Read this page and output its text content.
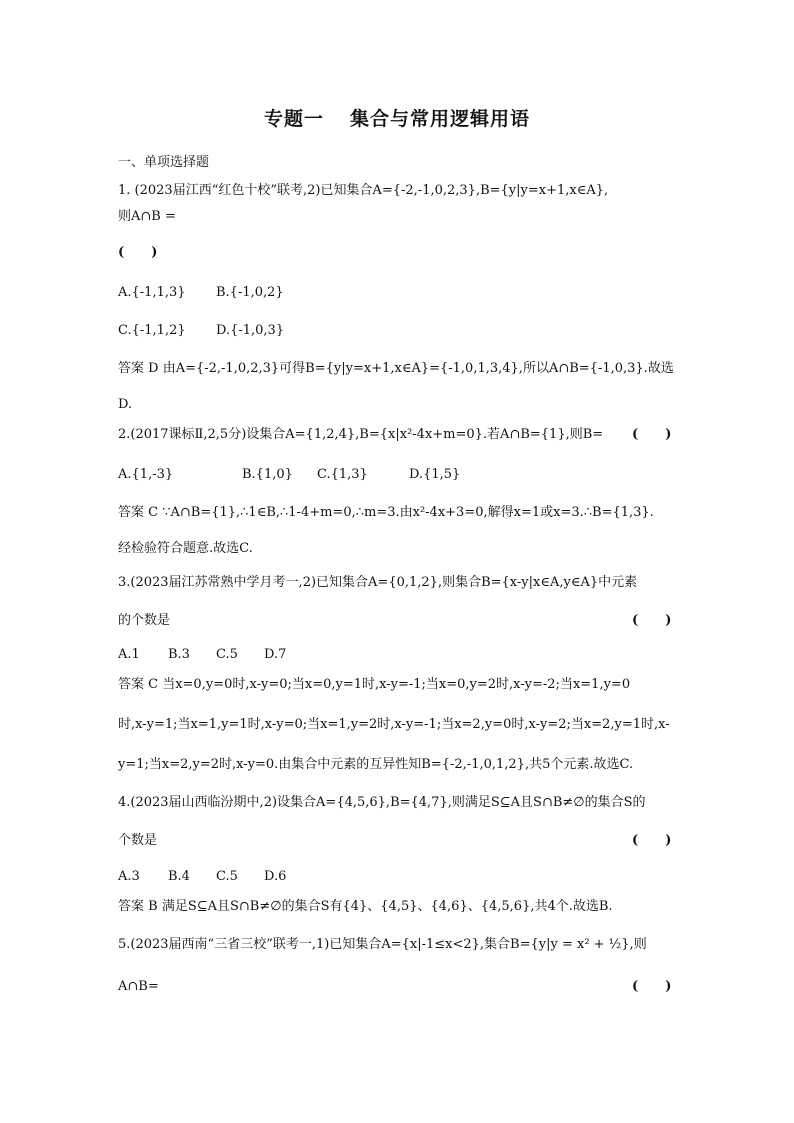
专题一 集合与常用逻辑用语
一、单项选择题
1. (2023届江西“红色十校”联考,2)已知集合A={-2,-1,0,2,3},B={y|y=x+1,x∈A},
则A∩B =
(      )
A.{-1,1,3} B.{-1,0,2}
C.{-1,1,2} D.{-1,0,3}
答案 D 由A={-2,-1,0,2,3}可得B={y|y=x+1,x∈A}={-1,0,1,3,4},所以A∩B={-1,0,3}.故选
D.
2.(2017课标Ⅱ,2,5分)设集合A={1,2,4},B={x|x²-4x+m=0}.若A∩B={1},则B= (      )
A.{1,-3}	B.{1,0} C.{1,3}	D.{1,5}
答案 C ∵A∩B={1},∴1∈B,∴1-4+m=0,∴m=3.由x²-4x+3=0,解得x=1或x=3.∴B={1,3}.
经检验符合题意.故选C.
3.(2023届江苏常熟中学月考一,2)已知集合A={0,1,2},则集合B={x-y|x∈A,y∈A}中元素
的个数是	(      )
A.1 B.3 C.5 D.7
答案 C 当x=0,y=0时,x-y=0;当x=0,y=1时,x-y=-1;当x=0,y=2时,x-y=-2;当x=1,y=0
时,x-y=1;当x=1,y=1时,x-y=0;当x=1,y=2时,x-y=-1;当x=2,y=0时,x-y=2;当x=2,y=1时,x-
y=1;当x=2,y=2时,x-y=0.由集合中元素的互异性知B={-2,-1,0,1,2},共5个元素.故选C.
4.(2023届山西临汾期中,2)设集合A={4,5,6},B={4,7},则满足S⊆A且S∩B≠∅的集合S的
个数是	(      )
A.3 B.4 C.5 D.6
答案 B 满足S⊆A且S∩B≠∅的集合S有{4}、{4,5}、{4,6}、{4,5,6},共4个.故选B.
5.(2023届西南“三省三校”联考一,1)已知集合A={x|-1≤x<2},集合B={y|y = x² + ½},则
A∩B=	(      )
